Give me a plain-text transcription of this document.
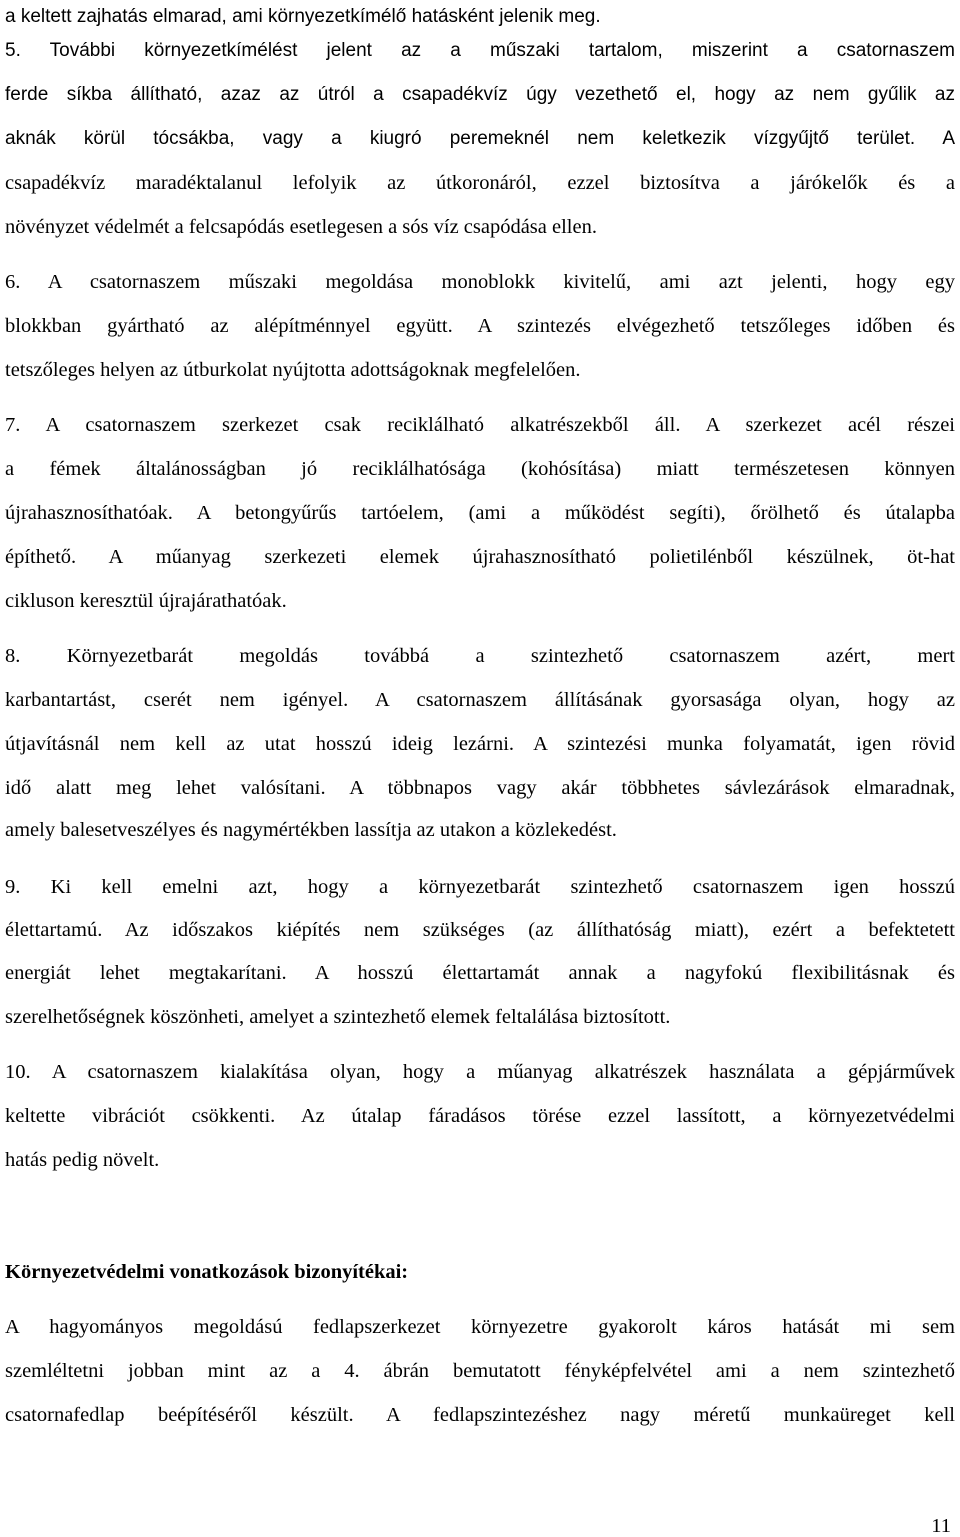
a keltett zajhatás elmarad, ami környezetkímélő hatásként jelenik meg.
5. További környezetkímélést jelent az a műszaki tartalom, miszerint a csatornaszem
ferde síkba állítható, azaz az útról a csapadékvíz úgy vezethető el, hogy az nem gyűlik az
aknák körül tócsákba, vagy a kiugró peremeknél nem keletkezik vízgyűjtő terület. A
csapadékvíz maradéktalanul lefolyik az útkoronáról, ezzel biztosítva a járókelők és a
növényzet védelmét a felcsapódás esetlegesen a sós víz csapódása ellen.
6. A csatornaszem műszaki megoldása monoblokk kivitelű, ami azt jelenti, hogy egy
blokkban gyártható az alépítménnyel együtt. A szintezés elvégezhető tetszőleges időben és
tetszőleges helyen az útburkolat nyújtotta adottságoknak megfelelően.
7. A csatornaszem szerkezet csak reciklálható alkatrészekből áll. A szerkezet acél részei
a fémek általánosságban jó reciklálhatósága (kohósítása) miatt természetesen könnyen
újrahasznosíthatóak. A betongyűrűs tartóelem, (ami a működést segíti), őrölhető és útalapba
építhető. A műanyag szerkezeti elemek újrahasznosítható polietilénből készülnek, öt-hat
cikluson keresztül újrajárathatóak.
8. Környezetbarát megoldás továbbá a szintezhető csatornaszem azért, mert
karbantartást, cserét nem igényel. A csatornaszem állításának gyorsasága olyan, hogy az
útjavításnál nem kell az utat hosszú ideig lezárni. A szintezési munka folyamatát, igen rövid
idő alatt meg lehet valósítani. A többnapos vagy akár többhetes sávlezárások elmaradnak,
amely balesetveszélyes és nagymértékben lassítja az utakon a közlekedést.
9. Ki kell emelni azt, hogy a környezetbarát szintezhető csatornaszem igen hosszú
élettartamú. Az időszakos kiépítés nem szükséges (az állíthatóság miatt), ezért a befektetett
energiát lehet megtakarítani. A hosszú élettartamát annak a nagyfokú flexibilitásnak és
szerelhetőségnek köszönheti, amelyet a szintezhető elemek feltalálása biztosított.
10. A csatornaszem kialakítása olyan, hogy a műanyag alkatrészek használata a gépjárművek
keltette vibrációt csökkenti. Az útalap fáradásos törése ezzel lassított, a környezetvédelmi
hatás pedig növelt.
Környezetvédelmi vonatkozások bizonyítékai:
A hagyományos megoldású fedlapszerkezet környezetre gyakorolt káros hatását mi sem
szemléltetni jobban mint az a 4. ábrán bemutatott fényképfelvétel ami a nem szintezhető
csatornafedlap beépítéséről készült. A fedlapszintezéshez nagy méretű munkaüreget kell
11
